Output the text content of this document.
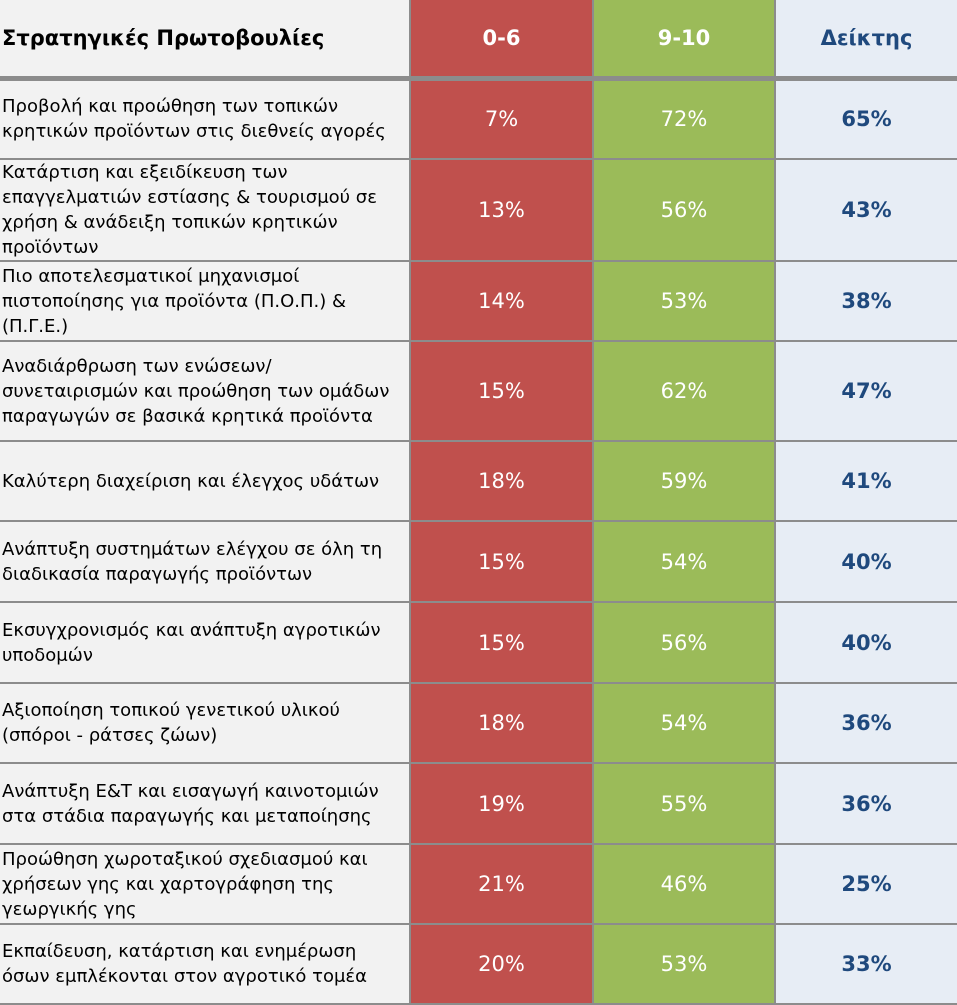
Στρατηγικές Πρωτοβουλίες	0-6	9-10	Δείκτης
Προβολή και προώθηση των τοπικών κρητικών προϊόντων στις διεθνείς αγορές	7%	72%	65%
Κατάρτιση και εξειδίκευση των επαγγελματιών εστίασης & τουρισμού σε χρήση & ανάδειξη τοπικών κρητικών προϊόντων	13%	56%	43%
Πιο αποτελεσματικοί μηχανισμοί πιστοποίησης για προϊόντα (Π.Ο.Π.) & (Π.Γ.Ε.)	14%	53%	38%
Αναδιάρθρωση των ενώσεων/συνεταιρισμών και προώθηση των ομάδων παραγωγών σε βασικά κρητικά προϊόντα	15%	62%	47%
Καλύτερη διαχείριση και έλεγχος υδάτων	18%	59%	41%
Ανάπτυξη συστημάτων ελέγχου σε όλη τη διαδικασία παραγωγής προϊόντων	15%	54%	40%
Εκσυγχρονισμός και ανάπτυξη αγροτικών υποδομών	15%	56%	40%
Αξιοποίηση τοπικού γενετικού υλικού (σπόροι - ράτσες ζώων)	18%	54%	36%
Ανάπτυξη Ε&Τ και εισαγωγή καινοτομιών στα στάδια παραγωγής και μεταποίησης	19%	55%	36%
Προώθηση χωροταξικού σχεδιασμού και χρήσεων γης και χαρτογράφηση της γεωργικής γης	21%	46%	25%
Εκπαίδευση, κατάρτιση και ενημέρωση όσων εμπλέκονται στον αγροτικό τομέα	20%	53%	33%
